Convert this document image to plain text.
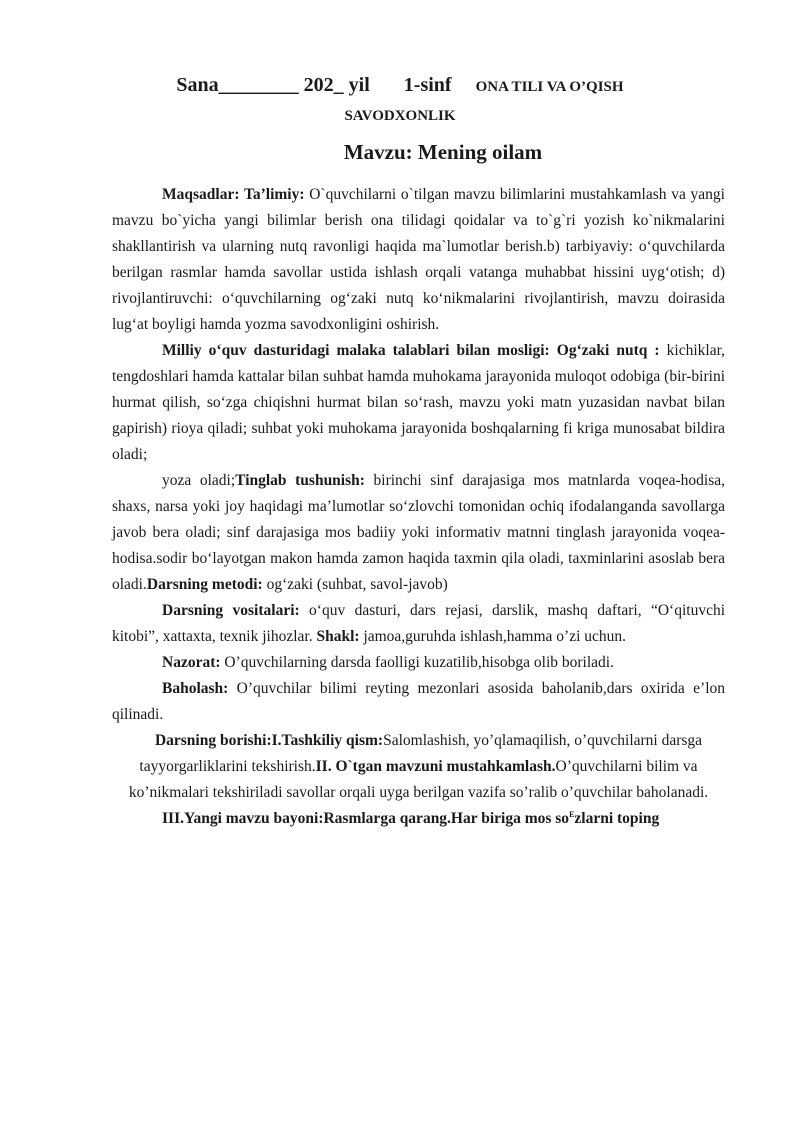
Sana________ 202_ yil 1-sinf ONA TILI VA O’QISH
SAVODXONLIK
Mavzu: Mening oilam

Maqsadlar: Ta’limiy: O`quvchilarni o`tilgan mavzu bilimlarini mustahkamlash va yangi mavzu bo`yicha yangi bilimlar berish ona tilidagi qoidalar va to`g`ri yozish ko`nikmalarini shakllantirish va ularning nutq ravonligi haqida ma`lumotlar berish.b) tarbiyaviy: o‘quvchilarda berilgan rasmlar hamda savollar ustida ishlash orqali vatanga muhabbat hissini uyg‘otish; d) rivojlantiruvchi: o‘quvchilarning og‘zaki nutq ko‘nikmalarini rivojlantirish, mavzu doirasida lug‘at boyligi hamda yozma savodxonligini oshirish.

Milliy o‘quv dasturidagi malaka talablari bilan mosligi: Og‘zaki nutq : kichiklar, tengdoshlari hamda kattalar bilan suhbat hamda muhokama jarayonida muloqot odobiga (bir-birini hurmat qilish, so‘zga chiqishni hurmat bilan so‘rash, mavzu yoki matn yuzasidan navbat bilan gapirish) rioya qiladi; suhbat yoki muhokama jarayonida boshqalarning fi kriga munosabat bildira oladi;

yoza oladi;Tinglab tushunish: birinchi sinf darajasiga mos matnlarda voqea-hodisa, shaxs, narsa yoki joy haqidagi ma’lumotlar so‘zlovchi tomonidan ochiq ifodalanganda savollarga javob bera oladi; sinf darajasiga mos badiiy yoki informativ matnni tinglash jarayonida voqea-hodisa.sodir bo‘layotgan makon hamda zamon haqida taxmin qila oladi, taxminlarini asoslab bera oladi.Darsning metodi: og‘zaki (suhbat, savol-javob)

Darsning vositalari: o‘quv dasturi, dars rejasi, darslik, mashq daftari, “O‘qituvchi kitobi”, xattaxta, texnik jihozlar. Shakl: jamoa,guruhda ishlash,hamma o’zi uchun.

Nazorat: O’quvchilarning darsda faolligi kuzatilib,hisobga olib boriladi.

Baholash: O’quvchilar bilimi reyting mezonlari asosida baholanib,dars oxirida e’lon qilinadi.

Darsning borishi:I.Tashkiliy qism:Salomlashish, yo’qlamaqilish, o’quvchilarni darsga tayyorgarliklarini tekshirish.II. O`tgan mavzuni mustahkamlash.O’quvchilarni bilim va ko’nikmalari tekshiriladi savollar orqali uyga berilgan vazifa so’ralib o’quvchilar baholanadi.

III.Yangi mavzu bayoni:Rasmlarga qarang.Har biriga mos $so^Ezlarni$ toping
